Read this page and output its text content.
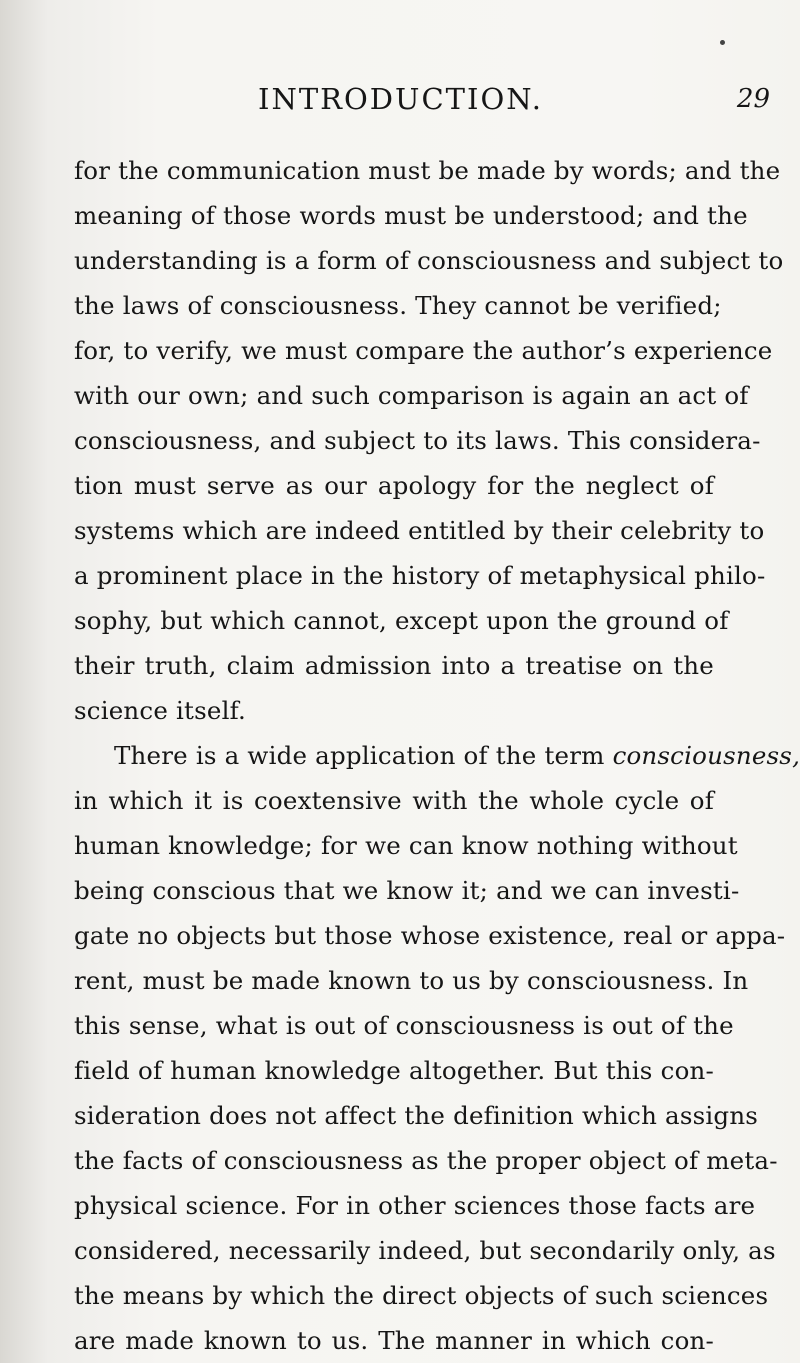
INTRODUCTION.	29
for the communication must be made by words; and the
meaning of those words must be understood; and the
understanding is a form of consciousness and subject to
the laws of consciousness. They cannot be verified;
for, to verify, we must compare the author’s experience
with our own; and such comparison is again an act of
consciousness, and subject to its laws. This considera-
tion must serve as our apology for the neglect of
systems which are indeed entitled by their celebrity to
a prominent place in the history of metaphysical philo-
sophy, but which cannot, except upon the ground of
their truth, claim admission into a treatise on the
science itself.
There is a wide application of the term consciousness,
in which it is coextensive with the whole cycle of
human knowledge; for we can know nothing without
being conscious that we know it; and we can investi-
gate no objects but those whose existence, real or appa-
rent, must be made known to us by consciousness. In
this sense, what is out of consciousness is out of the
field of human knowledge altogether. But this con-
sideration does not affect the definition which assigns
the facts of consciousness as the proper object of meta-
physical science. For in other sciences those facts are
considered, necessarily indeed, but secondarily only, as
the means by which the direct objects of such sciences
are made known to us. The manner in which con-
